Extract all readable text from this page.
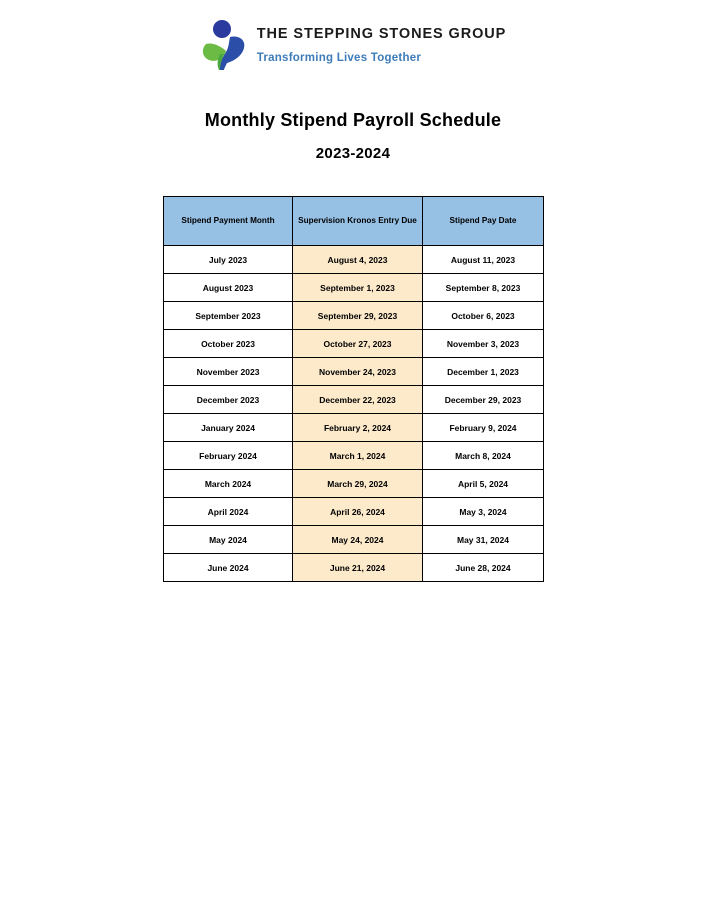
THE STEPPING STONES GROUP
Transforming Lives Together
Monthly Stipend Payroll Schedule
2023-2024
Stipend Payment Month	Supervision Kronos Entry Due	Stipend Pay Date
July 2023	August 4, 2023	August 11, 2023
August 2023	September 1, 2023	September 8, 2023
September 2023	September 29, 2023	October 6, 2023
October 2023	October 27, 2023	November 3, 2023
November 2023	November 24, 2023	December 1, 2023
December 2023	December 22, 2023	December 29, 2023
January 2024	February 2, 2024	February 9, 2024
February 2024	March 1, 2024	March 8, 2024
March 2024	March 29, 2024	April 5, 2024
April 2024	April 26, 2024	May 3, 2024
May 2024	May 24, 2024	May 31, 2024
June 2024	June 21, 2024	June 28, 2024
